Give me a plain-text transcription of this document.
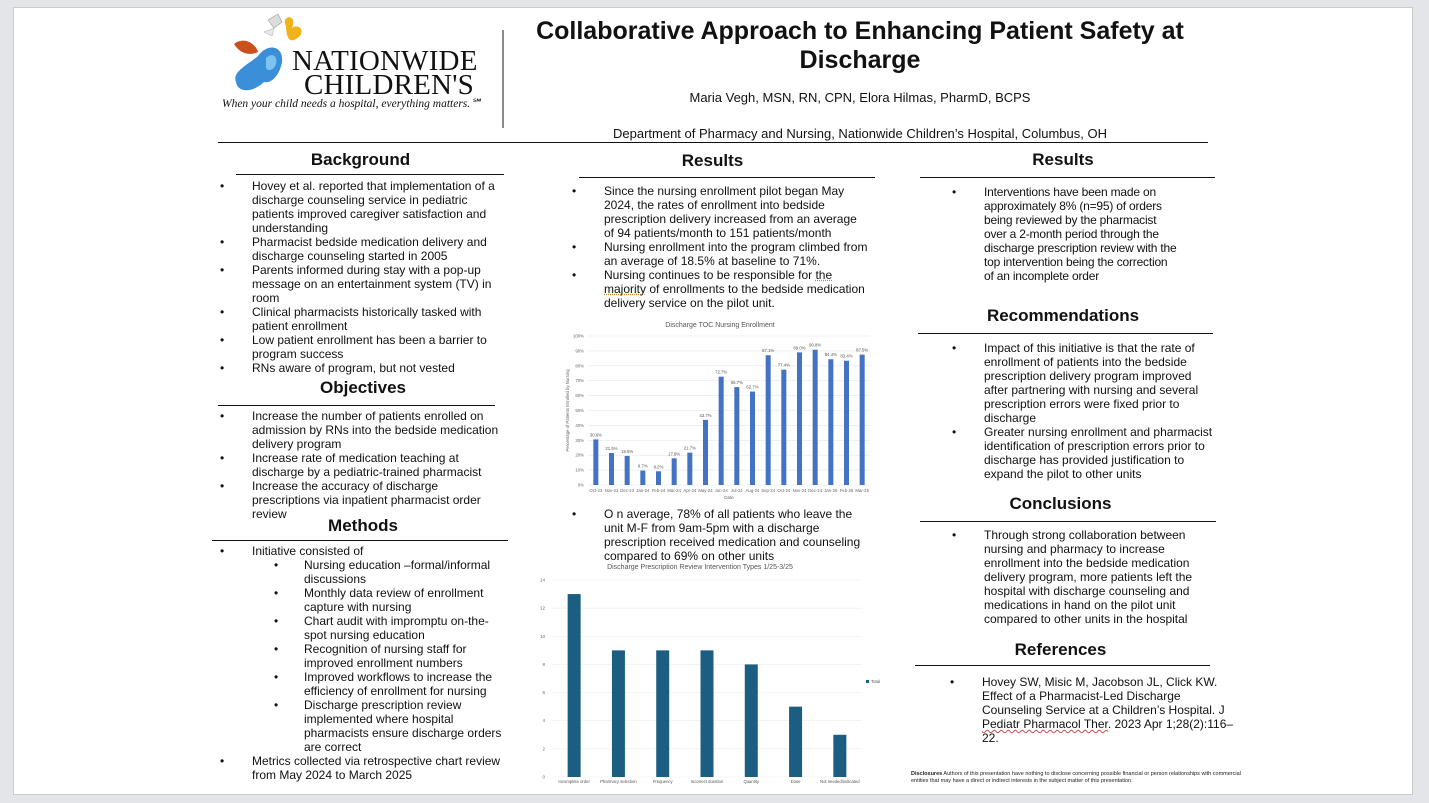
NATIONWIDE
CHILDREN'S
When your child needs a hospital, everything matters.℠
Collaborative Approach to Enhancing Patient Safety at Discharge
Maria Vegh, MSN, RN, CPN, Elora Hilmas, PharmD, BCPS
Department of Pharmacy and Nursing, Nationwide Children’s Hospital, Columbus, OH
Background
• Hovey et al. reported that implementation of a discharge counseling service in pediatric patients improved caregiver satisfaction and understanding
• Pharmacist bedside medication delivery and discharge counseling started in 2005
• Parents informed during stay with a pop-up message on an entertainment system (TV) in room
• Clinical pharmacists historically tasked with patient enrollment
• Low patient enrollment has been a barrier to program success
• RNs aware of program, but not vested
Objectives
• Increase the number of patients enrolled on admission by RNs into the bedside medication delivery program
• Increase rate of medication teaching at discharge by a pediatric-trained pharmacist
• Increase the accuracy of discharge prescriptions via inpatient pharmacist order review
Methods
• Initiative consisted of
• Nursing education –formal/informal discussions
• Monthly data review of enrollment capture with nursing
• Chart audit with impromptu on-the-spot nursing education
• Recognition of nursing staff for improved enrollment numbers
• Improved workflows to increase the efficiency of enrollment for nursing
• Discharge prescription review implemented where hospital pharmacists ensure discharge orders are correct
• Metrics collected via retrospective chart review from May 2024 to March 2025
Results
• Since the nursing enrollment pilot began May 2024, the rates of enrollment into bedside prescription delivery increased from an average of 94 patients/month to 151 patients/month
• Nursing enrollment into the program climbed from an average of 18.5% at baseline to 71%.
• Nursing continues to be responsible for the majority of enrollments to the bedside medication delivery service on the pilot unit.
Discharge TOC Nursing Enrollment
0%
10%
20%
30%
40%
50%
60%
70%
80%
90%
100%
30.6%
Oct-23
21.5%
Nov-23
19.5%
Dec-23
9.7%
Jan-24
9.2%
Feb-24
17.9%
Mar-24
21.7%
Apr-24
43.7%
May-24
72.7%
Jun-24
65.7%
Jul-24
62.7%
Aug-24
87.1%
Sep-24
77.4%
Oct-24
89.0%
Nov-24
90.8%
Dec-24
84.4%
Jan-25
83.4%
Feb-25
87.5%
Mar-25
Date
Percentage of Patients Enrolled by Nursing
• O n average, 78% of all patients who leave the unit M-F from 9am-5pm with a discharge prescription received medication and counseling compared to 69% on other units
Discharge Prescription Review Intervention Types 1/25-3/25
0
2
4
6
8
10
12
14
Incomplete order Pharmacy selection	Frequency	Incorrect duration	Quantity	Dose	Not needed/indicated
Total
Results
• Interventions have been made on approximately 8% (n=95) of orders being reviewed by the pharmacist over a 2-month period through the discharge prescription review with the top intervention being the correction of an incomplete order
Recommendations
• Impact of this initiative is that the rate of enrollment of patients into the bedside prescription delivery program improved after partnering with nursing and several prescription errors were fixed prior to discharge
• Greater nursing enrollment and pharmacist identification of prescription errors prior to discharge has provided justification to expand the pilot to other units
Conclusions
• Through strong collaboration between nursing and pharmacy to increase enrollment into the bedside medication delivery program, more patients left the hospital with discharge counseling and medications in hand on the pilot unit compared to other units in the hospital
References
• Hovey SW, Misic M, Jacobson JL, Click KW. Effect of a Pharmacist-Led Discharge Counseling Service at a Children’s Hospital. J Pediatr Pharmacol Ther. 2023 Apr 1;28(2):116–22.
Disclosures Authors of this presentation have nothing to disclose concerning possible financial or person relationships with commercial entities that may have a direct or indirect interests in the subject matter of this presentation.
